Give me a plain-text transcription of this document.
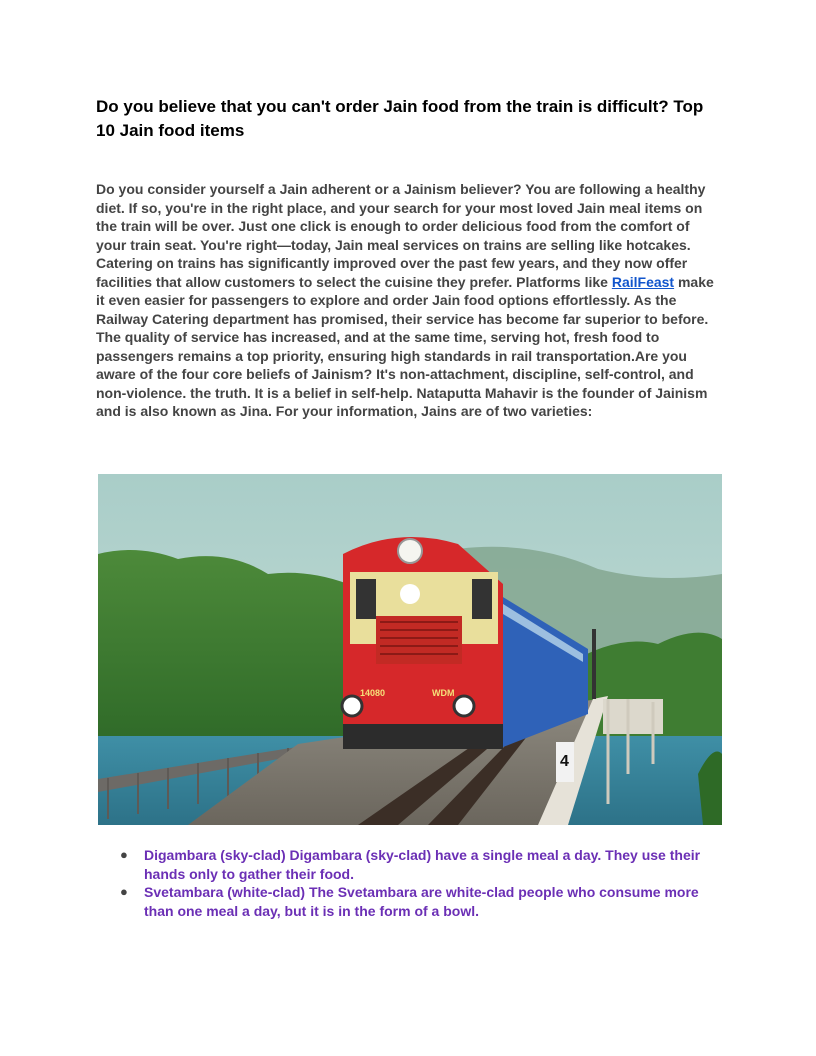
Do you believe that you can't order Jain food from the train is difficult? Top 10 Jain food items

Do you consider yourself a Jain adherent or a Jainism believer? You are following a healthy diet. If so, you're in the right place, and your search for your most loved Jain meal items on the train will be over. Just one click is enough to order delicious food from the comfort of your train seat. You're right—today, Jain meal services on trains are selling like hotcakes. Catering on trains has significantly improved over the past few years, and they now offer facilities that allow customers to select the cuisine they prefer. Platforms like RailFeast make it even easier for passengers to explore and order Jain food options effortlessly. As the Railway Catering department has promised, their service has become far superior to before. The quality of service has increased, and at the same time, serving hot, fresh food to passengers remains a top priority, ensuring high standards in rail transportation.Are you aware of the four core beliefs of Jainism? It's non-attachment, discipline, self-control, and non-violence. the truth. It is a belief in self-help. Nataputta Mahavir is the founder of Jainism and is also known as Jina. For your information, Jains are of two varieties:

4
14080	WDM
● Digambara (sky-clad) Digambara (sky-clad) have a single meal a day. They use their hands only to gather their food.
● Svetambara (white-clad) The Svetambara are white-clad people who consume more than one meal a day, but it is in the form of a bowl.
